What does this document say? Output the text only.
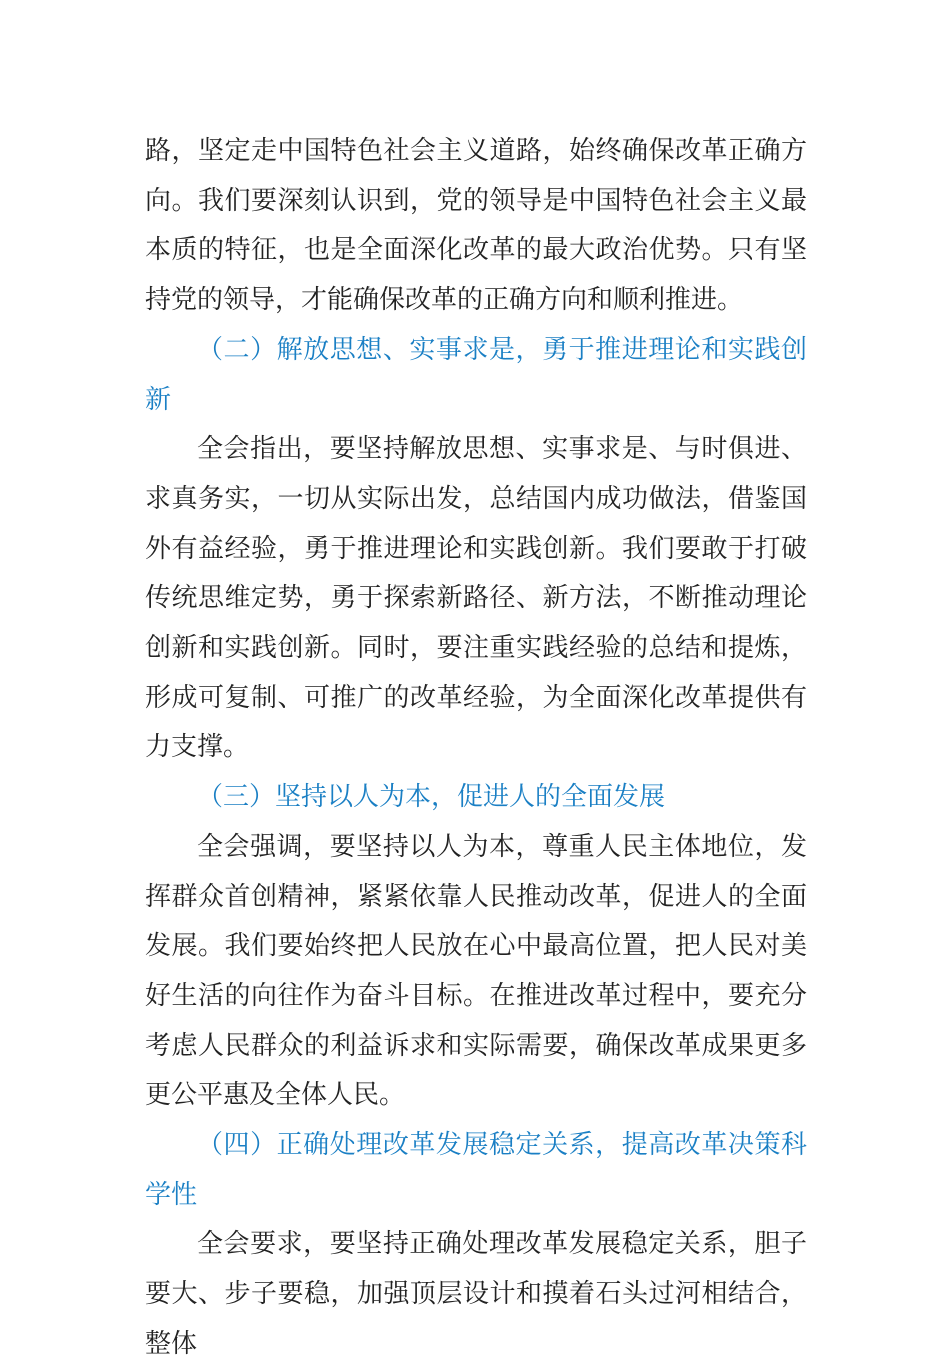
路，坚定走中国特色社会主义道路，始终确保改革正确方向。我们要深刻认识到，党的领导是中国特色社会主义最本质的特征，也是全面深化改革的最大政治优势。只有坚持党的领导，才能确保改革的正确方向和顺利推进。

（二）解放思想、实事求是，勇于推进理论和实践创新

全会指出，要坚持解放思想、实事求是、与时俱进、求真务实，一切从实际出发，总结国内成功做法，借鉴国外有益经验，勇于推进理论和实践创新。我们要敢于打破传统思维定势，勇于探索新路径、新方法，不断推动理论创新和实践创新。同时，要注重实践经验的总结和提炼，形成可复制、可推广的改革经验，为全面深化改革提供有力支撑。

（三）坚持以人为本，促进人的全面发展

全会强调，要坚持以人为本，尊重人民主体地位，发挥群众首创精神，紧紧依靠人民推动改革，促进人的全面发展。我们要始终把人民放在心中最高位置，把人民对美好生活的向往作为奋斗目标。在推进改革过程中，要充分考虑人民群众的利益诉求和实际需要，确保改革成果更多更公平惠及全体人民。

（四）正确处理改革发展稳定关系，提高改革决策科学性

全会要求，要坚持正确处理改革发展稳定关系，胆子要大、步子要稳，加强顶层设计和摸着石头过河相结合，整体
